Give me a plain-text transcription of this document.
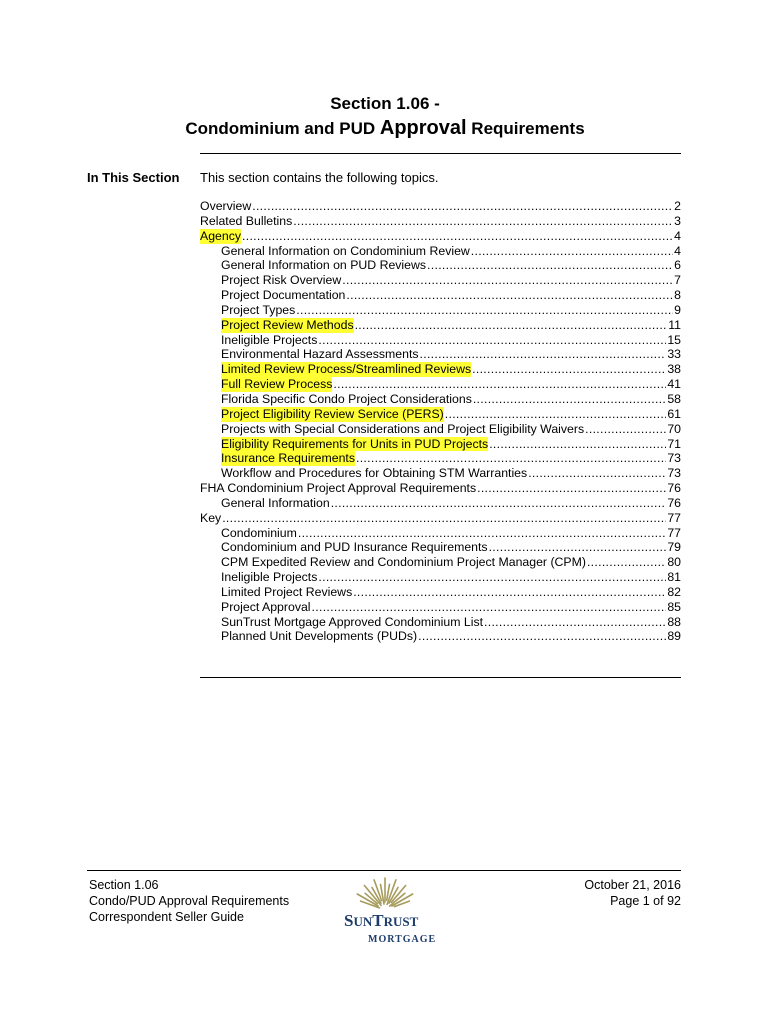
Section 1.06 -
Condominium and PUD Approval Requirements
In This Section This section contains the following topics.
Overview .....	2
Related Bulletins .....	3
Agency .....	4
General Information on Condominium Review .....	4
General Information on PUD Reviews .....	6
Project Risk Overview .....	7
Project Documentation .....	8
Project Types .....	9
Project Review Methods .....	11
Ineligible Projects .....	15
Environmental Hazard Assessments .....	33
Limited Review Process/Streamlined Reviews .....	38
Full Review Process .....	41
Florida Specific Condo Project Considerations .....	58
Project Eligibility Review Service (PERS) .....	61
Projects with Special Considerations and Project Eligibility Waivers .....	70
Eligibility Requirements for Units in PUD Projects .....	71
Insurance Requirements .....	73
Workflow and Procedures for Obtaining STM Warranties .....	73
FHA Condominium Project Approval Requirements .....	76
General Information .....	76
Key .....	77
Condominium .....	77
Condominium and PUD Insurance Requirements .....	79
CPM Expedited Review and Condominium Project Manager (CPM) .....	80
Ineligible Projects .....	81
Limited Project Reviews .....	82
Project Approval .....	85
SunTrust Mortgage Approved Condominium List .....	88
Planned Unit Developments (PUDs) .....	89
Section 1.06
Condo/PUD Approval Requirements
Correspondent Seller Guide
October 21, 2016
Page 1 of 92
SUNTRUST
MORTGAGE
